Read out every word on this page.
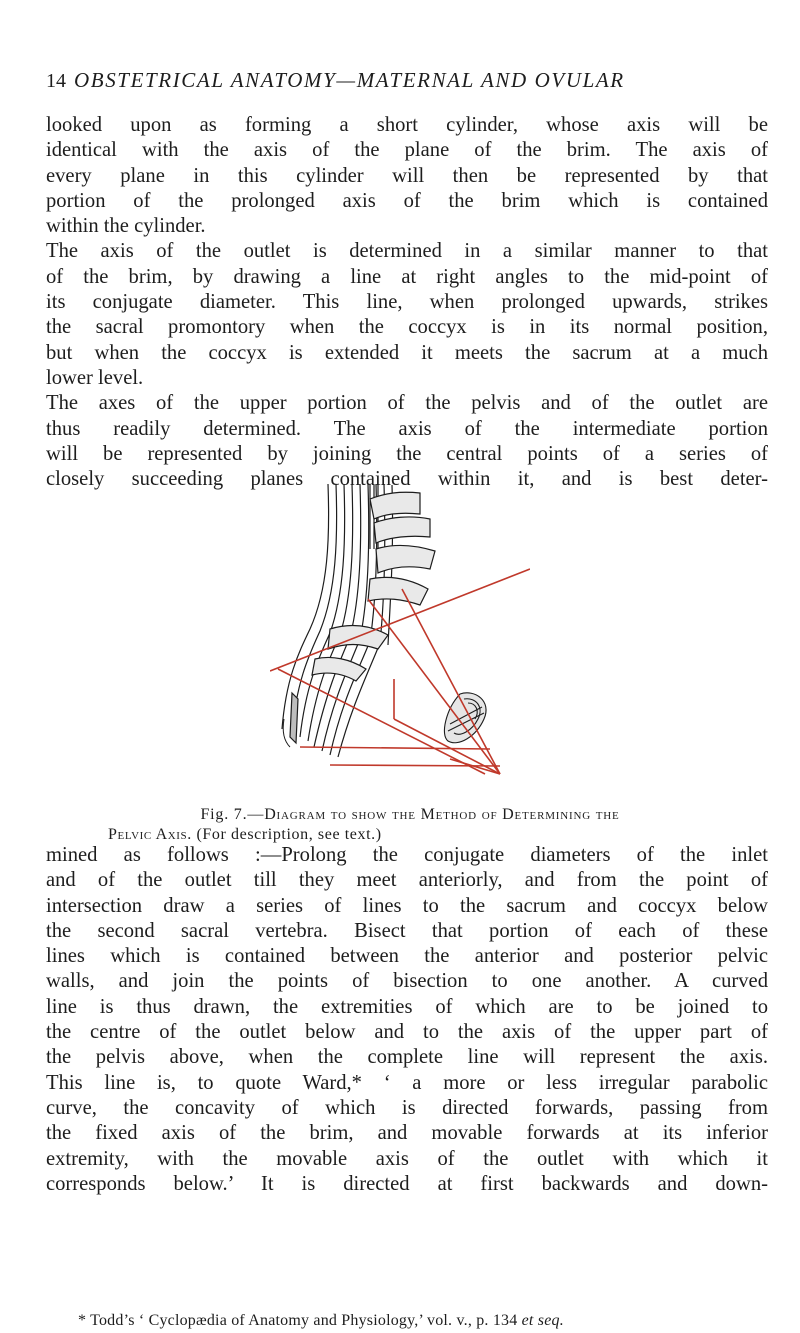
14 OBSTETRICAL ANATOMY—MATERNAL AND OVULAR
looked upon as forming a short cylinder, whose axis will be
identical with the axis of the plane of the brim. The axis of
every plane in this cylinder will then be represented by that
portion of the prolonged axis of the brim which is contained
within the cylinder.
The axis of the outlet is determined in a similar manner to that
of the brim, by drawing a line at right angles to the mid-point of
its conjugate diameter. This line, when prolonged upwards, strikes
the sacral promontory when the coccyx is in its normal position,
but when the coccyx is extended it meets the sacrum at a much
lower level.
The axes of the upper portion of the pelvis and of the outlet are
thus readily determined. The axis of the intermediate portion
will be represented by joining the central points of a series of
closely succeeding planes contained within it, and is best deter-
Fig. 7.—Diagram to show the Method of Determining the
Pelvic Axis. (For description, see text.)
mined as follows :—Prolong the conjugate diameters of the inlet
and of the outlet till they meet anteriorly, and from the point of
intersection draw a series of lines to the sacrum and coccyx below
the second sacral vertebra. Bisect that portion of each of these
lines which is contained between the anterior and posterior pelvic
walls, and join the points of bisection to one another. A curved
line is thus drawn, the extremities of which are to be joined to
the centre of the outlet below and to the axis of the upper part of
the pelvis above, when the complete line will represent the axis.
This line is, to quote Ward,* ‘ a more or less irregular parabolic
curve, the concavity of which is directed forwards, passing from
the fixed axis of the brim, and movable forwards at its inferior
extremity, with the movable axis of the outlet with which it
corresponds below.’ It is directed at first backwards and down-
* Todd’s ‘ Cyclopædia of Anatomy and Physiology,’ vol. v., p. 134 et seq.
